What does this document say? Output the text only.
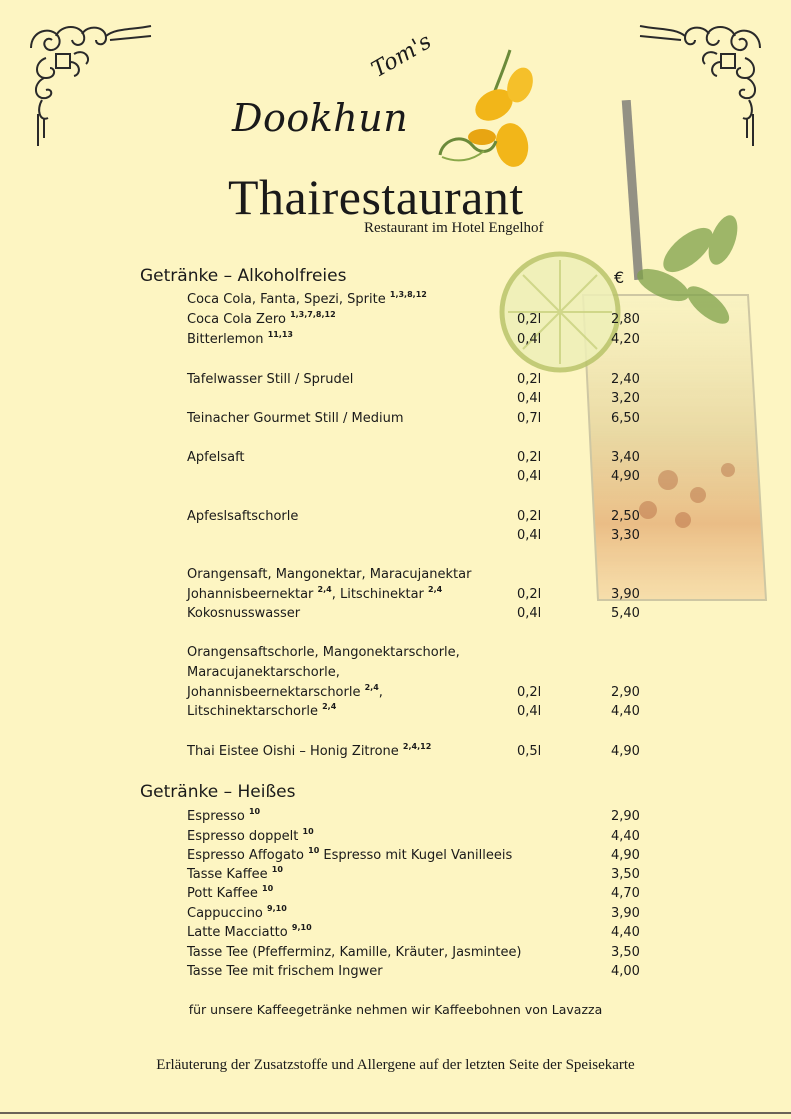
Tom's
Dookhun
Thairestaurant
Restaurant im Hotel Engelhof
€
Getränke – Alkoholfreies
Coca Cola, Fanta, Spezi, Sprite $^{1,3,8,12}$
Coca Cola Zero $^{1,3,7,8,12}$	0,2l	2,80
Bitterlemon $^{11,13}$	0,4l	4,20
Tafelwasser Still / Sprudel	0,2l	2,40
0,4l	3,20
Teinacher Gourmet Still / Medium	0,7l	6,50
Apfelsaft	0,2l	3,40
0,4l	4,90
Apfeslsaftschorle	0,2l	2,50
0,4l	3,30
Orangensaft, Mangonektar, Maracujanektar
Johannisbeernektar $^{2,4}$, Litschinektar $^{2,4}$	0,2l	3,90
Kokosnusswasser	0,4l	5,40
Orangensaftschorle, Mangonektarschorle,
Maracujanektarschorle,
Johannisbeernektarschorle $^{2,4}$,	0,2l	2,90
Litschinektarschorle $^{2,4}$	0,4l	4,40
Thai Eistee Oishi – Honig Zitrone $^{2,4,12}$	0,5l	4,90
Getränke – Heißes
Espresso $^{10}$	2,90
Espresso doppelt $^{10}$	4,40
Espresso Affogato $^{10}$ Espresso mit Kugel Vanilleeis	4,90
Tasse Kaffee $^{10}$	3,50
Pott Kaffee $^{10}$	4,70
Cappuccino $^{9,10}$	3,90
Latte Macciatto $^{9,10}$	4,40
Tasse Tee (Pfefferminz, Kamille, Kräuter, Jasmintee)	3,50
Tasse Tee mit frischem Ingwer	4,00
für unsere Kaffeegetränke nehmen wir Kaffeebohnen von Lavazza
Erläuterung der Zusatzstoffe und Allergene auf der letzten Seite der Speisekarte
